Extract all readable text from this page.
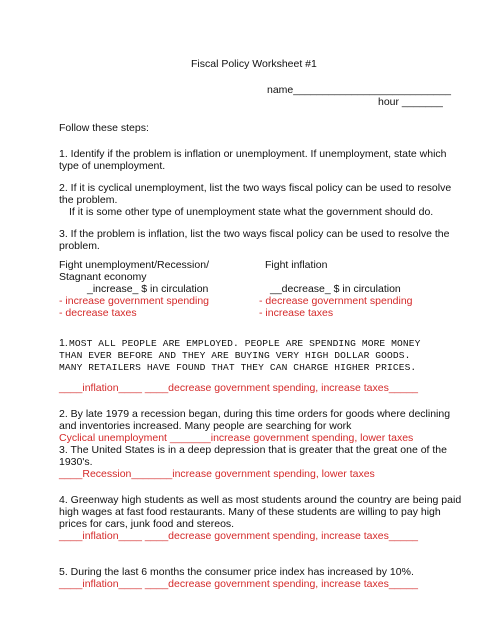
Fiscal Policy Worksheet #1
name___________________________
hour _______
Follow these steps:
1. Identify if the problem is inflation or unemployment. If unemployment, state which
type of unemployment.
2. If it is cyclical unemployment, list the two ways fiscal policy can be used to resolve
the problem.
If it is some other type of unemployment state what the government should do.
3. If the problem is inflation, list the two ways fiscal policy can be used to resolve the
problem.
Fight unemployment/Recession/
Stagnant economy
_increase_ $ in circulation
- increase government spending
- decrease taxes
Fight inflation
__decrease_ $ in circulation
- decrease government spending
- increase taxes
1. MOST ALL PEOPLE ARE EMPLOYED. PEOPLE ARE SPENDING MORE MONEY
THAN EVER BEFORE AND THEY ARE BUYING VERY HIGH DOLLAR GOODS.
MANY RETAILERS HAVE FOUND THAT THEY CAN CHARGE HIGHER PRICES.
____inflation____ ____decrease government spending, increase taxes_____
2. By late 1979 a recession began, during this time orders for goods where declining
and inventories increased. Many people are searching for work
Cyclical unemployment _______increase government spending, lower taxes
3. The United States is in a deep depression that is greater that the great one of the
1930's.
____Recession_______increase government spending, lower taxes
4. Greenway high students as well as most students around the country are being paid
high wages at fast food restaurants. Many of these students are willing to pay high
prices for cars, junk food and stereos.
____inflation____ ____decrease government spending, increase taxes_____
5. During the last 6 months the consumer price index has increased by 10%.
____inflation____ ____decrease government spending, increase taxes_____
